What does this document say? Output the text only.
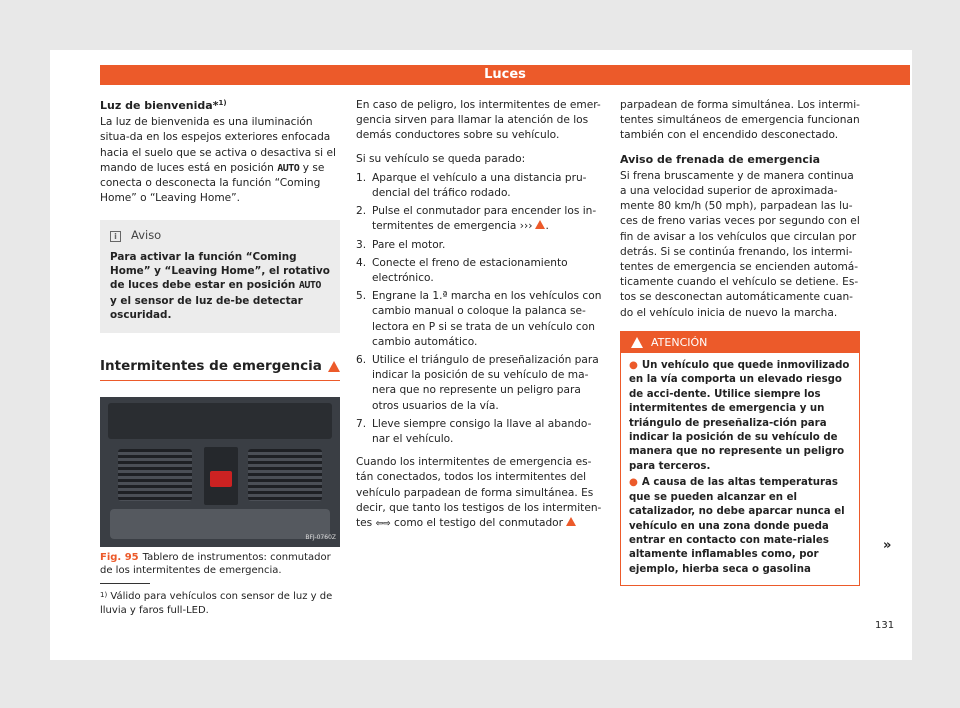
Luces
Luz de bienvenida*$^{1)}$

La luz de bienvenida es una iluminación situa-da en los espejos exteriores enfocada hacia el suelo que se activa o desactiva si el mando de luces está en posición AUTO y se conecta o desconecta la función “Coming Home” o “Leaving Home”.

i	Aviso
Para activar la función “Coming Home” y “Leaving Home”, el rotativo de luces debe estar en posición AUTO y el sensor de luz de-be detectar oscuridad.
Intermitentes de emergencia
BFJ-0760Z
Fig. 95 Tablero de instrumentos: conmutador de los intermitentes de emergencia.

En caso de peligro, los intermitentes de emer-gencia sirven para llamar la atención de los demás conductores sobre su vehículo.

Si su vehículo se queda parado:

1. Aparque el vehículo a una distancia pru-dencial del tráfico rodado.
2. Pulse el conmutador para encender los in-termitentes de emergencia ››› .
3. Pare el motor.
4. Conecte el freno de estacionamiento electrónico.
5. Engrane la 1.ª marcha en los vehículos con cambio manual o coloque la palanca se-lectora en P si se trata de un vehículo con cambio automático.
6. Utilice el triángulo de preseñalización para indicar la posición de su vehículo de ma-nera que no represente un peligro para otros usuarios de la vía.
7. Lleve siempre consigo la llave al abando-nar el vehículo.

Cuando los intermitentes de emergencia es-tán conectados, todos los intermitentes del vehículo parpadean de forma simultánea. Es decir, que tanto los testigos de los intermiten-tes ⇦⇨ como el testigo del conmutador

parpadean de forma simultánea. Los intermi-tentes simultáneos de emergencia funcionan también con el encendido desconectado.

Aviso de frenada de emergencia

Si frena bruscamente y de manera continua a una velocidad superior de aproximada-mente 80 km/h (50 mph), parpadean las lu-ces de freno varias veces por segundo con el fin de avisar a los vehículos que circulan por detrás. Si se continúa frenando, los intermi-tentes de emergencia se encienden automá-ticamente cuando el vehículo se detiene. Es-tos se desconectan automáticamente cuan-do el vehículo inicia de nuevo la marcha.

ATENCIÓN

● Un vehículo que quede inmovilizado en la vía comporta un elevado riesgo de acci-dente. Utilice siempre los intermitentes de emergencia y un triángulo de preseñaliza-ción para indicar la posición de su vehículo de manera que no represente un peligro para terceros.

● A causa de las altas temperaturas que se pueden alcanzar en el catalizador, no debe aparcar nunca el vehículo en una zona donde pueda entrar en contacto con mate-riales altamente inflamables como, por ejemplo, hierba seca o gasolina

»
$^{1)}$ Válido para vehículos con sensor de luz y de lluvia y faros full-LED.
131
